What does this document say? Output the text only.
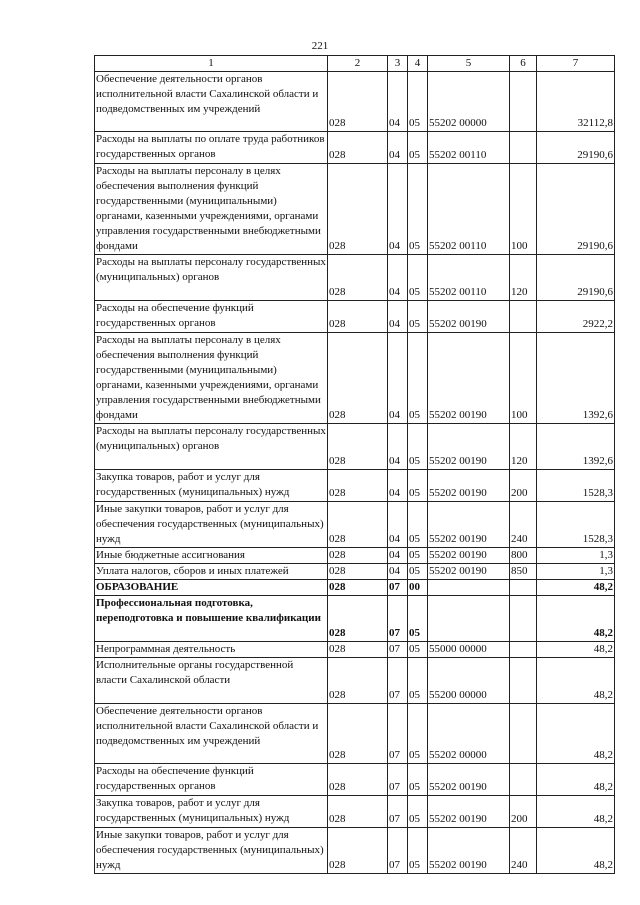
221
1	2	3	4	5	6	7
Обеспечение деятельности органов исполнительной власти Сахалинской области и подведомственных им учреждений	028	04	05	55202 00000		32112,8
Расходы на выплаты по оплате труда работников государственных органов	028	04	05	55202 00110		29190,6
Расходы на выплаты персоналу в целях обеспечения выполнения функций государственными (муниципальными) органами, казенными учреждениями, органами управления государственными внебюджетными фондами	028	04	05	55202 00110	100	29190,6
Расходы на выплаты персоналу государственных (муниципальных) органов	028	04	05	55202 00110	120	29190,6
Расходы на обеспечение функций государственных органов	028	04	05	55202 00190		2922,2
Расходы на выплаты персоналу в целях обеспечения выполнения функций государственными (муниципальными) органами, казенными учреждениями, органами управления государственными внебюджетными фондами	028	04	05	55202 00190	100	1392,6
Расходы на выплаты персоналу государственных (муниципальных) органов	028	04	05	55202 00190	120	1392,6
Закупка товаров, работ и услуг для государственных (муниципальных) нужд	028	04	05	55202 00190	200	1528,3
Иные закупки товаров, работ и услуг для обеспечения государственных (муниципальных) нужд	028	04	05	55202 00190	240	1528,3
Иные бюджетные ассигнования	028	04	05	55202 00190	800	1,3
Уплата налогов, сборов и иных платежей	028	04	05	55202 00190	850	1,3
ОБРАЗОВАНИЕ	028	07	00			48,2
Профессиональная подготовка, переподготовка и повышение квалификации	028	07	05			48,2
Непрограммная деятельность	028	07	05	55000 00000		48,2
Исполнительные органы государственной власти Сахалинской области	028	07	05	55200 00000		48,2
Обеспечение деятельности органов исполнительной власти Сахалинской области и подведомственных им учреждений	028	07	05	55202 00000		48,2
Расходы на обеспечение функций государственных органов	028	07	05	55202 00190		48,2
Закупка товаров, работ и услуг для государственных (муниципальных) нужд	028	07	05	55202 00190	200	48,2
Иные закупки товаров, работ и услуг для обеспечения государственных (муниципальных) нужд	028	07	05	55202 00190	240	48,2
